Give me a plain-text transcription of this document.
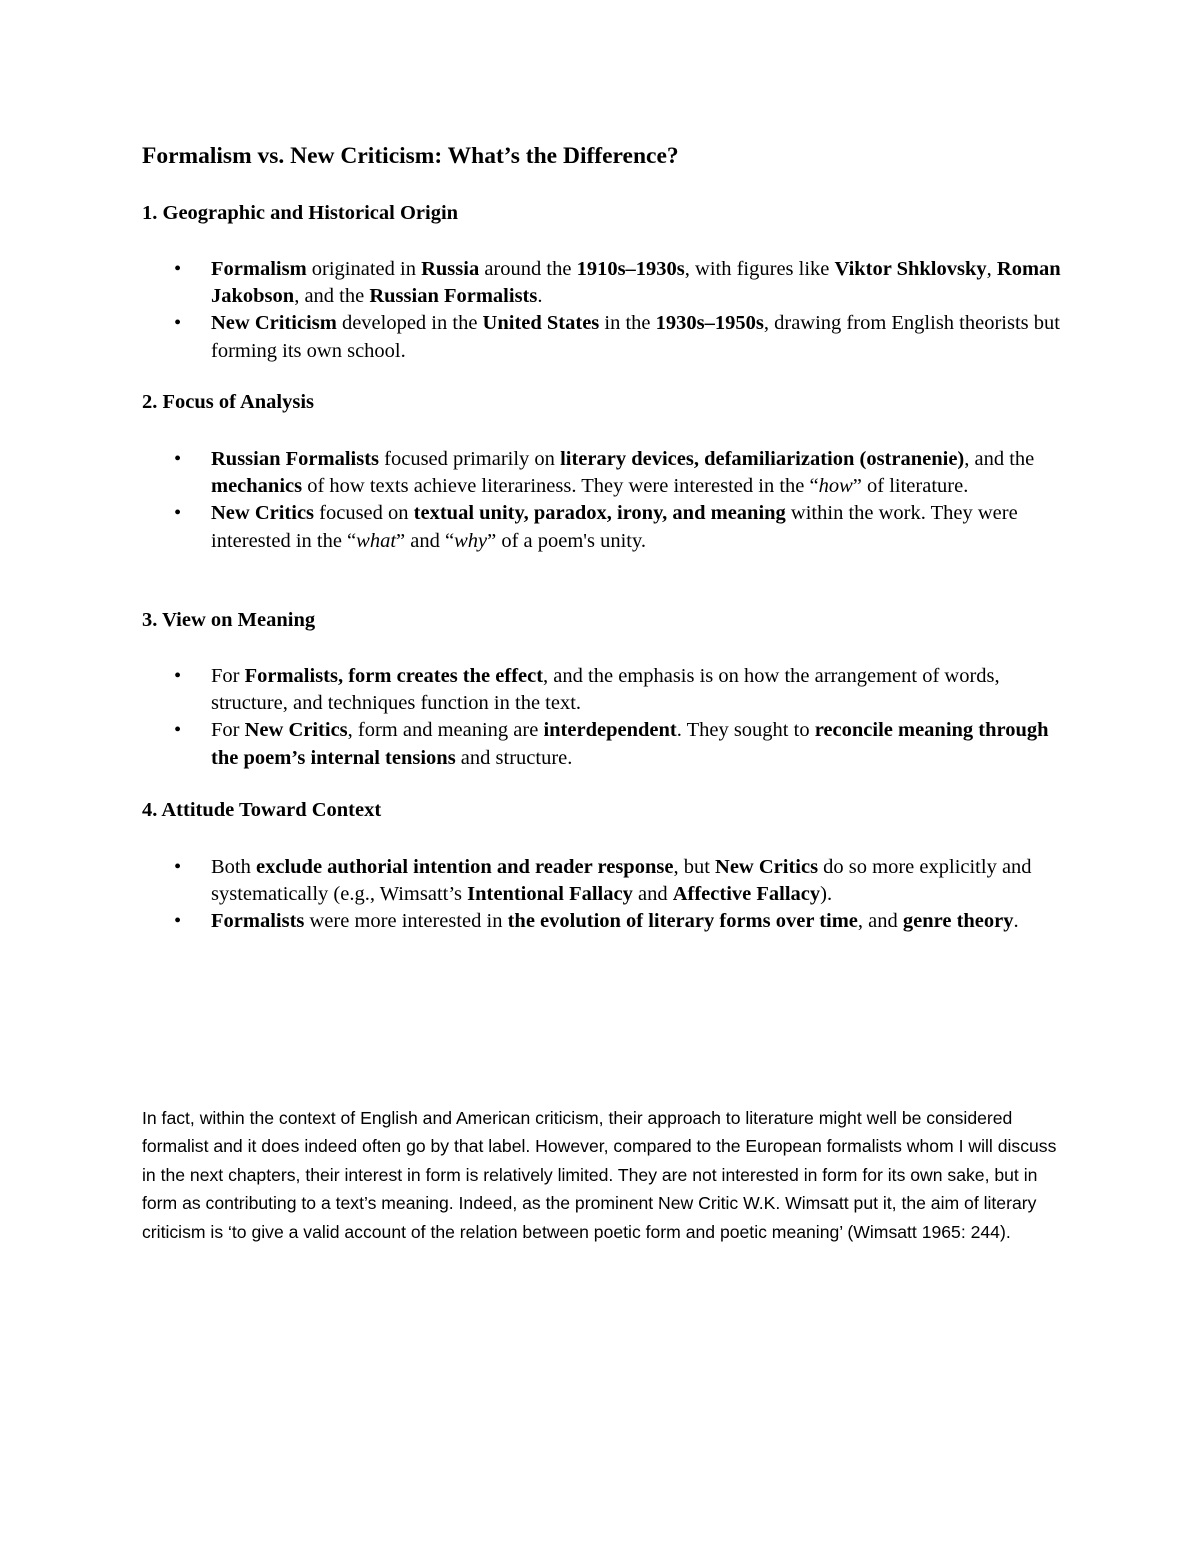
Formalism vs. New Criticism: What’s the Difference?
1. Geographic and Historical Origin
• Formalism originated in Russia around the 1910s–1930s, with figures like Viktor Shklovsky, Roman Jakobson, and the Russian Formalists.
• New Criticism developed in the United States in the 1930s–1950s, drawing from English theorists but forming its own school.
2. Focus of Analysis
• Russian Formalists focused primarily on literary devices, defamiliarization (ostranenie), and the mechanics of how texts achieve literariness. They were interested in the “how” of literature.
• New Critics focused on textual unity, paradox, irony, and meaning within the work. They were interested in the “what” and “why” of a poem's unity.
3. View on Meaning
• For Formalists, form creates the effect, and the emphasis is on how the arrangement of words, structure, and techniques function in the text.
• For New Critics, form and meaning are interdependent. They sought to reconcile meaning through the poem’s internal tensions and structure.
4. Attitude Toward Context
• Both exclude authorial intention and reader response, but New Critics do so more explicitly and systematically (e.g., Wimsatt’s Intentional Fallacy and Affective Fallacy).
• Formalists were more interested in the evolution of literary forms over time, and genre theory.
In fact, within the context of English and American criticism, their approach to literature might well be considered formalist and it does indeed often go by that label. However, compared to the European formalists whom I will discuss in the next chapters, their interest in form is relatively limited. They are not interested in form for its own sake, but in form as contributing to a text’s meaning. Indeed, as the prominent New Critic W.K. Wimsatt put it, the aim of literary criticism is ‘to give a valid account of the relation between poetic form and poetic meaning’ (Wimsatt 1965: 244).
